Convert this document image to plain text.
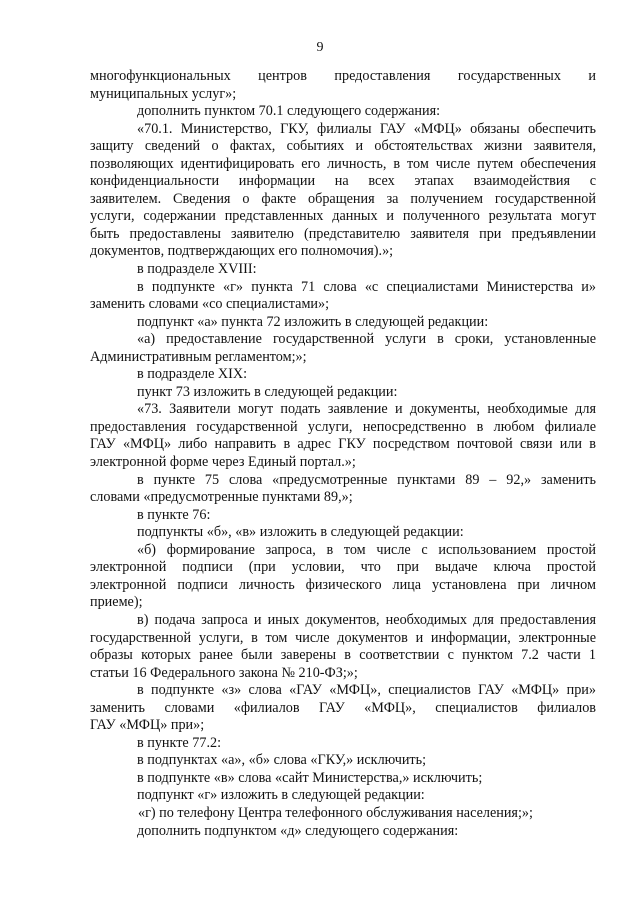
9
многофункциональных центров предоставления государственных и
муниципальных услуг»;
дополнить пунктом 70.1 следующего содержания:
«70.1. Министерство, ГКУ, филиалы ГАУ «МФЦ» обязаны обеспечить
защиту сведений о фактах, событиях и обстоятельствах жизни заявителя,
позволяющих идентифицировать его личность, в том числе путем обеспечения
конфиденциальности информации на всех этапах взаимодействия с
заявителем. Сведения о факте обращения за получением государственной
услуги, содержании представленных данных и полученного результата могут
быть предоставлены заявителю (представителю заявителя при предъявлении
документов, подтверждающих его полномочия).»;
в подразделе XVIII:
в подпункте «г» пункта 71 слова «с специалистами Министерства и»
заменить словами «со специалистами»;
подпункт «а» пункта 72 изложить в следующей редакции:
«а) предоставление государственной услуги в сроки, установленные
Административным регламентом;»;
в подразделе XIX:
пункт 73 изложить в следующей редакции:
«73. Заявители могут подать заявление и документы, необходимые для
предоставления государственной услуги, непосредственно в любом филиале
ГАУ «МФЦ» либо направить в адрес ГКУ посредством почтовой связи или в
электронной форме через Единый портал.»;
в пункте 75 слова «предусмотренные пунктами 89 – 92,» заменить
словами «предусмотренные пунктами 89,»;
в пункте 76:
подпункты «б», «в» изложить в следующей редакции:
«б) формирование запроса, в том числе с использованием простой
электронной подписи (при условии, что при выдаче ключа простой
электронной подписи личность физического лица установлена при личном
приеме);
в) подача запроса и иных документов, необходимых для предоставления
государственной услуги, в том числе документов и информации, электронные
образы которых ранее были заверены в соответствии с пунктом 7.2 части 1
статьи 16 Федерального закона № 210-ФЗ;»;
в подпункте «з» слова «ГАУ «МФЦ», специалистов ГАУ «МФЦ» при»
заменить словами «филиалов ГАУ «МФЦ», специалистов филиалов
ГАУ «МФЦ» при»;
в пункте 77.2:
в подпунктах «а», «б» слова «ГКУ,» исключить;
в подпункте «в» слова «сайт Министерства,» исключить;
подпункт «г» изложить в следующей редакции:
«г) по телефону Центра телефонного обслуживания населения;»;
дополнить подпунктом «д» следующего содержания:
